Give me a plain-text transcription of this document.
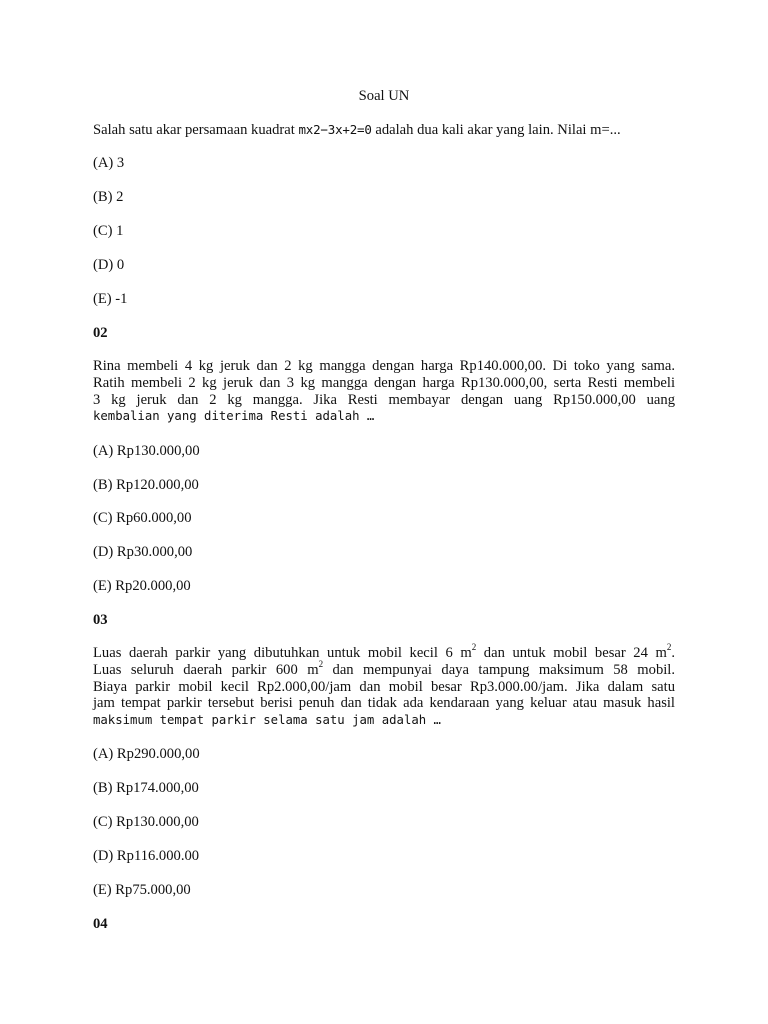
Soal UN
Salah satu akar persamaan kuadrat mx2−3x+2=0 adalah dua kali akar yang lain. Nilai m=...
(A) 3
(B) 2
(C) 1
(D) 0
(E) -1
02
Rina membeli 4 kg jeruk dan 2 kg mangga dengan harga Rp140.000,00. Di toko yang sama.
Ratih membeli 2 kg jeruk dan 3 kg mangga dengan harga Rp130.000,00, serta Resti membeli
3 kg jeruk dan 2 kg mangga. Jika Resti membayar dengan uang Rp150.000,00 uang
kembalian yang diterima Resti adalah …
(A) Rp130.000,00
(B) Rp120.000,00
(C) Rp60.000,00
(D) Rp30.000,00
(E) Rp20.000,00
03
Luas daerah parkir yang dibutuhkan untuk mobil kecil 6 $m^2$ dan untuk mobil besar 24 $m^2$.
Luas seluruh daerah parkir 600 $m^2$ dan mempunyai daya tampung maksimum 58 mobil.
Biaya parkir mobil kecil Rp2.000,00/jam dan mobil besar Rp3.000.00/jam. Jika dalam satu
jam tempat parkir tersebut berisi penuh dan tidak ada kendaraan yang keluar atau masuk hasil
maksimum tempat parkir selama satu jam adalah …
(A) Rp290.000,00
(B) Rp174.000,00
(C) Rp130.000,00
(D) Rp116.000.00
(E) Rp75.000,00
04
